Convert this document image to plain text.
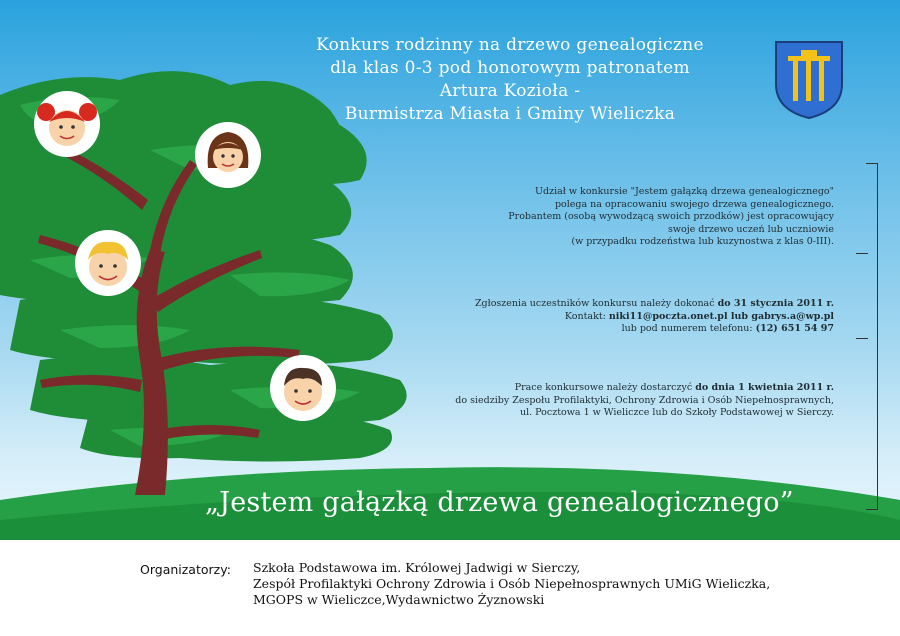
Konkurs rodzinny na drzewo genealogiczne
dla klas 0-3 pod honorowym patronatem
Artura Kozioła -
Burmistrza Miasta i Gminy Wieliczka
Udział w konkursie "Jestem gałązką drzewa genealogicznego"
polega na opracowaniu swojego drzewa genealogicznego.
Probantem (osobą wywodzącą swoich przodków) jest opracowujący
swoje drzewo uczeń lub uczniowie
(w przypadku rodzeństwa lub kuzynostwa z klas 0-III).
Zgłoszenia uczestników konkursu należy dokonać do 31 stycznia 2011 r.
Kontakt: niki11@poczta.onet.pl lub gabrys.a@wp.pl
lub pod numerem telefonu: (12) 651 54 97
Prace konkursowe należy dostarczyć do dnia 1 kwietnia 2011 r.
do siedziby Zespołu Profilaktyki, Ochrony Zdrowia i Osób Niepełnosprawnych,
ul. Pocztowa 1 w Wieliczce lub do Szkoły Podstawowej w Sierczy.
„Jestem gałązką drzewa genealogicznego”
Organizatorzy: Szkoła Podstawowa im. Królowej Jadwigi w Sierczy,
Zespół Profilaktyki Ochrony Zdrowia i Osób Niepełnosprawnych UMiG Wieliczka,
MGOPS w Wieliczce,Wydawnictwo Żyznowski
